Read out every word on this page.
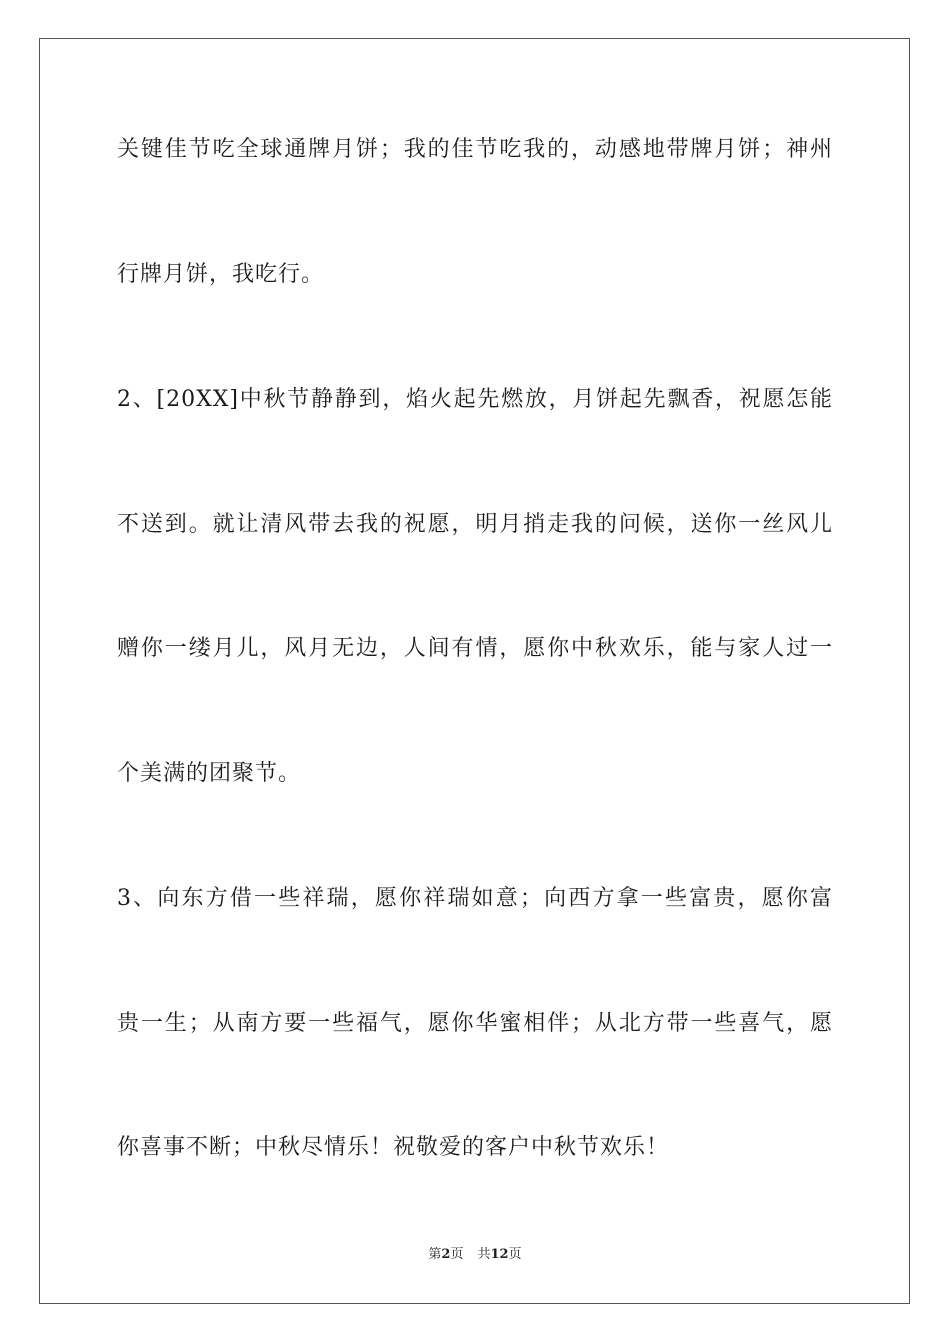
关键佳节吃全球通牌月饼；我的佳节吃我的，动感地带牌月饼；神州
行牌月饼，我吃行。
2、[20XX]中秋节静静到，焰火起先燃放，月饼起先飘香，祝愿怎能
不送到。就让清风带去我的祝愿，明月捎走我的问候，送你一丝风儿
赠你一缕月儿，风月无边，人间有情，愿你中秋欢乐，能与家人过一
个美满的团聚节。
3、向东方借一些祥瑞，愿你祥瑞如意；向西方拿一些富贵，愿你富
贵一生；从南方要一些福气，愿你华蜜相伴；从北方带一些喜气，愿
你喜事不断；中秋尽情乐！祝敬爱的客户中秋节欢乐！
第2页 共12页
